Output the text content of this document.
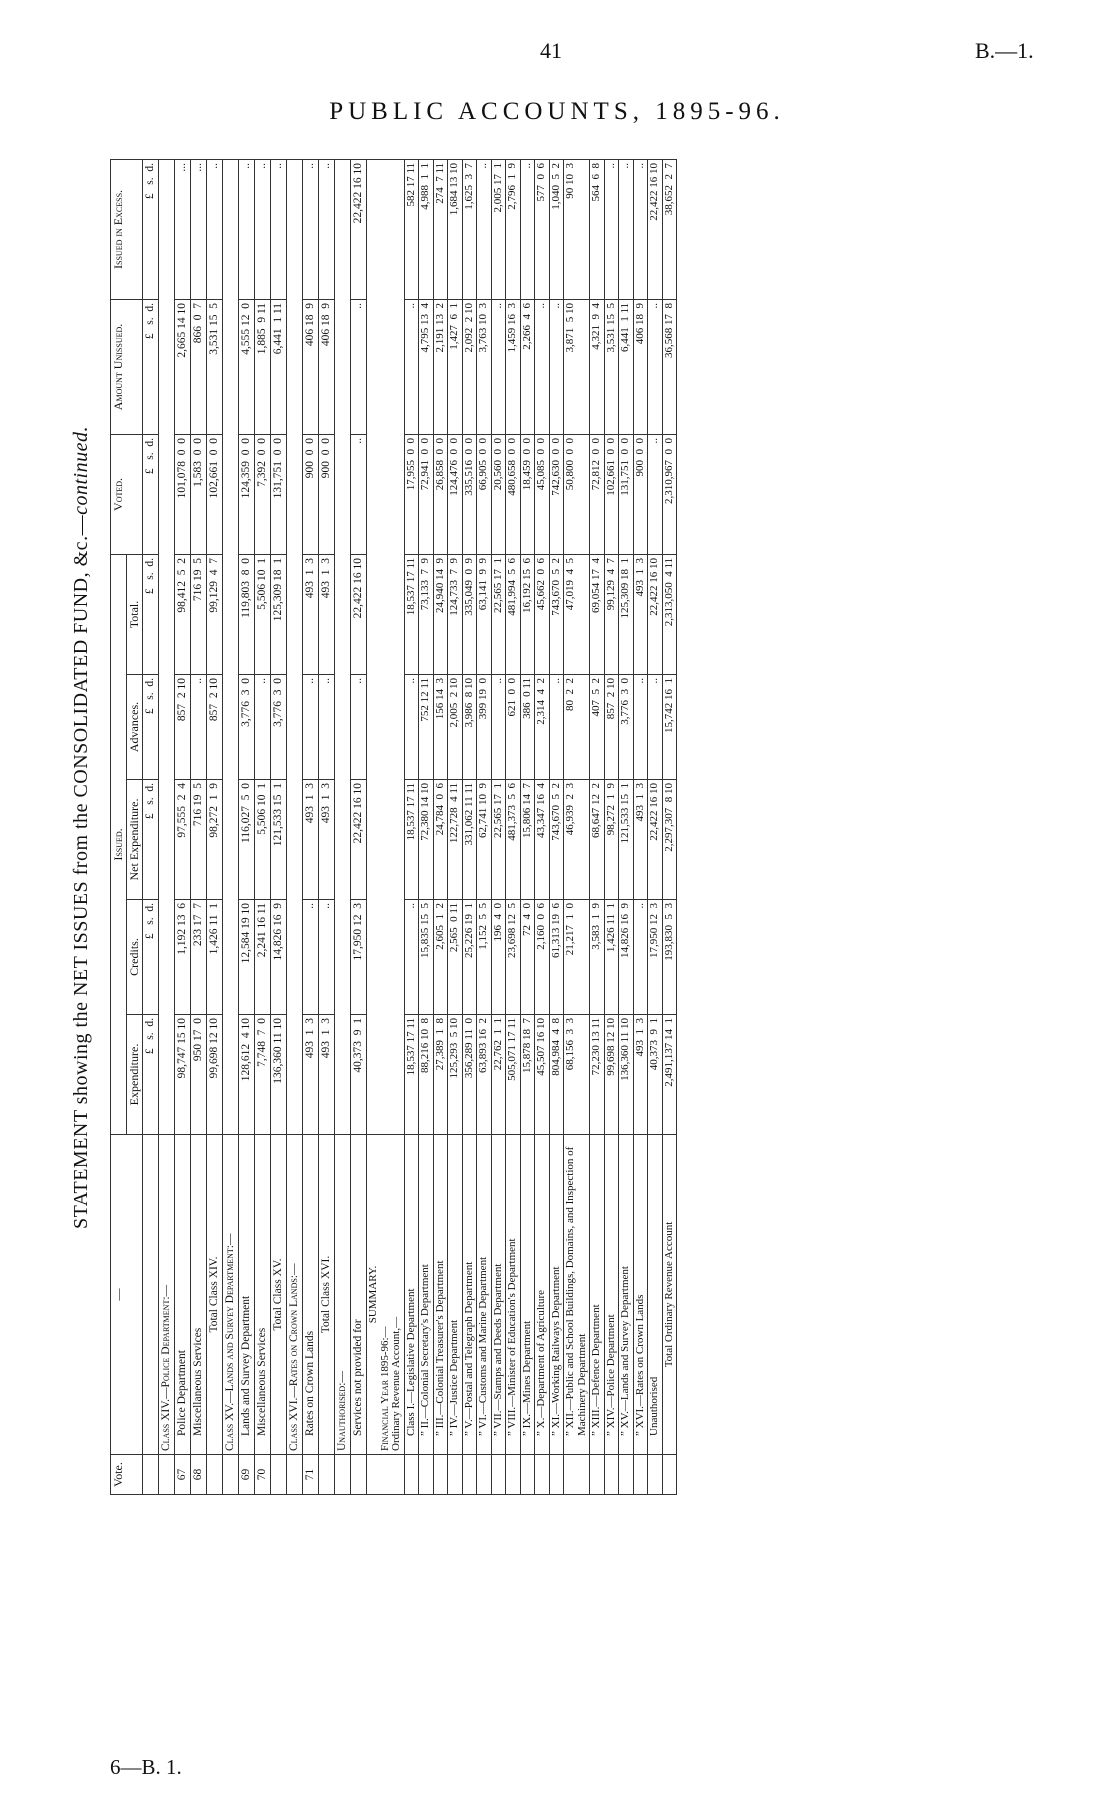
41	B.—1.
PUBLIC ACCOUNTS, 1895-96.
STATEMENT showing the NET ISSUES from the CONSOLIDATED FUND, &c.—continued.
Vote.	—	Issued.					Voted.	Amount Unissued.	Issued in Excess.
		Expenditure.	Credits.	Net Expenditure.	Advances.	Total.			
		£   s.  d.	£   s.  d.	£   s.  d.	£   s.  d.	£   s.  d.	£   s.  d.	£   s.  d.	£   s.  d.
	Class XIV.—Police Department:—								
67	Police Department	98,747 15 10	1,192 13  6	97,555  2  4	857  2 10	98,412  5  2	101,078  0  0	2,665 14 10	...
68	Miscellaneous Services	950 17  0	233 17  7	716 19  5	..	716 19  5	1,583  0  0	866  0  7	...
	Total Class XIV.	99,698 12 10	1,426 11  1	98,272  1  9	857  2 10	99,129  4  7	102,661  0  0	3,531 15  5	..
	Class XV.—Lands and Survey Department:—								
69	Lands and Survey Department	128,612  4 10	12,584 19 10	116,027  5  0	3,776  3  0	119,803  8  0	124,359  0  0	4,555 12  0	..
70	Miscellaneous Services	7,748  7  0	2,241 16 11	5,506 10  1	..	5,506 10  1	7,392  0  0	1,885  9 11	..
	Total Class XV.	136,360 11 10	14,826 16  9	121,533 15  1	3,776  3  0	125,309 18  1	131,751  0  0	6,441  1 11	..
	Class XVI.—Rates on Crown Lands:—								
71	Rates on Crown Lands	493  1  3	..	493  1  3	..	493  1  3	900  0  0	406 18  9	..
	Total Class XVI.	493  1  3	..	493  1  3	..	493  1  3	900  0  0	406 18  9	..
	Unauthorised:—								
	Services not provided for	40,373  9  1	17,950 12  3	22,422 16 10	..	22,422 16 10	..	..	22,422 16 10

	SUMMARY.
Financial Year 1895-96:— Ordinary Revenue Account,—								

	Class I.—Legislative Department	18,537 17 11	..	18,537 17 11	..	18,537 17 11	17,955  0  0	..	582 17 11
	” II.—Colonial Secretary's Department	88,216 10  8	15,835 15  5	72,380 14 10	752 12 11	73,133  7  9	72,941  0  0	4,795 13  4	4,988  1  1
	” III.—Colonial Treasurer's Department	27,389  1  8	2,605  1  2	24,784  0  6	156 14  3	24,940 14  9	26,858  0  0	2,191 13  2	274  7 11
	” IV.—Justice Department	125,293  5 10	2,565  0 11	122,728  4 11	2,005  2 10	124,733  7  9	124,476  0  0	1,427  6  1	1,684 13 10
	” V.—Postal and Telegraph Department	356,289 11  0	25,226 19  1	331,062 11 11	3,986  8 10	335,049  0  9	335,516  0  0	2,092  2 10	1,625  3  7
	” VI.—Customs and Marine Department	63,893 16  2	1,152  5  5	62,741 10  9	399 19  0	63,141  9  9	66,905  0  0	3,763 10  3	..
	” VII.—Stamps and Deeds Department	22,762  1  1	196  4  0	22,565 17  1	..	22,565 17  1	20,560  0  0	..	2,005 17  1
	” VIII.—Minister of Education's Department	505,071 17 11	23,698 12  5	481,373  5  6	621  0  0	481,994  5  6	480,658  0  0	1,459 16  3	2,796  1  9
	” IX.—Mines Department	15,878 18  7	72  4  0	15,806 14  7	386  0 11	16,192 15  6	18,459  0  0	2,266  4  6	..
	” X.—Department of Agriculture	45,507 16 10	2,160  0  6	43,347 16  4	2,314  4  2	45,662  0  6	45,085  0  0	..	577  0  6
	” XI.—Working Railways Department	804,984  4  8	61,313 19  6	743,670  5  2	..	743,670  5  2	742,630  0  0	..	1,040  5  2
	” XII.—Public and School Buildings, Domains, and Inspection of Machinery Department	68,156  3  3	21,217  1  0	46,939  2  3	80  2  2	47,019  4  5	50,800  0  0	3,871  5 10	90 10  3
	” XIII.—Defence Department	72,230 13 11	3,583  1  9	68,647 12  2	407  5  2	69,054 17  4	72,812  0  0	4,321  9  4	564  6  8
	” XIV.—Police Department	99,698 12 10	1,426 11  1	98,272  1  9	857  2 10	99,129  4  7	102,661  0  0	3,531 15  5	..
	” XV.—Lands and Survey Department	136,360 11 10	14,826 16  9	121,533 15  1	3,776  3  0	125,309 18  1	131,751  0  0	6,441  1 11	..
	” XVI.—Rates on Crown Lands	493  1  3	..	493  1  3	..	493  1  3	900  0  0	406 18  9	..
	Unauthorised	40,373  9  1	17,950 12  3	22,422 16 10	..	22,422 16 10	..	..	22,422 16 10
	Total Ordinary Revenue Account	2,491,137 14  1	193,830  5  3	2,297,307  8 10	15,742 16  1	2,313,050  4 11	2,310,967  0  0	36,568 17  8	38,652  2  7
6—B. 1.
